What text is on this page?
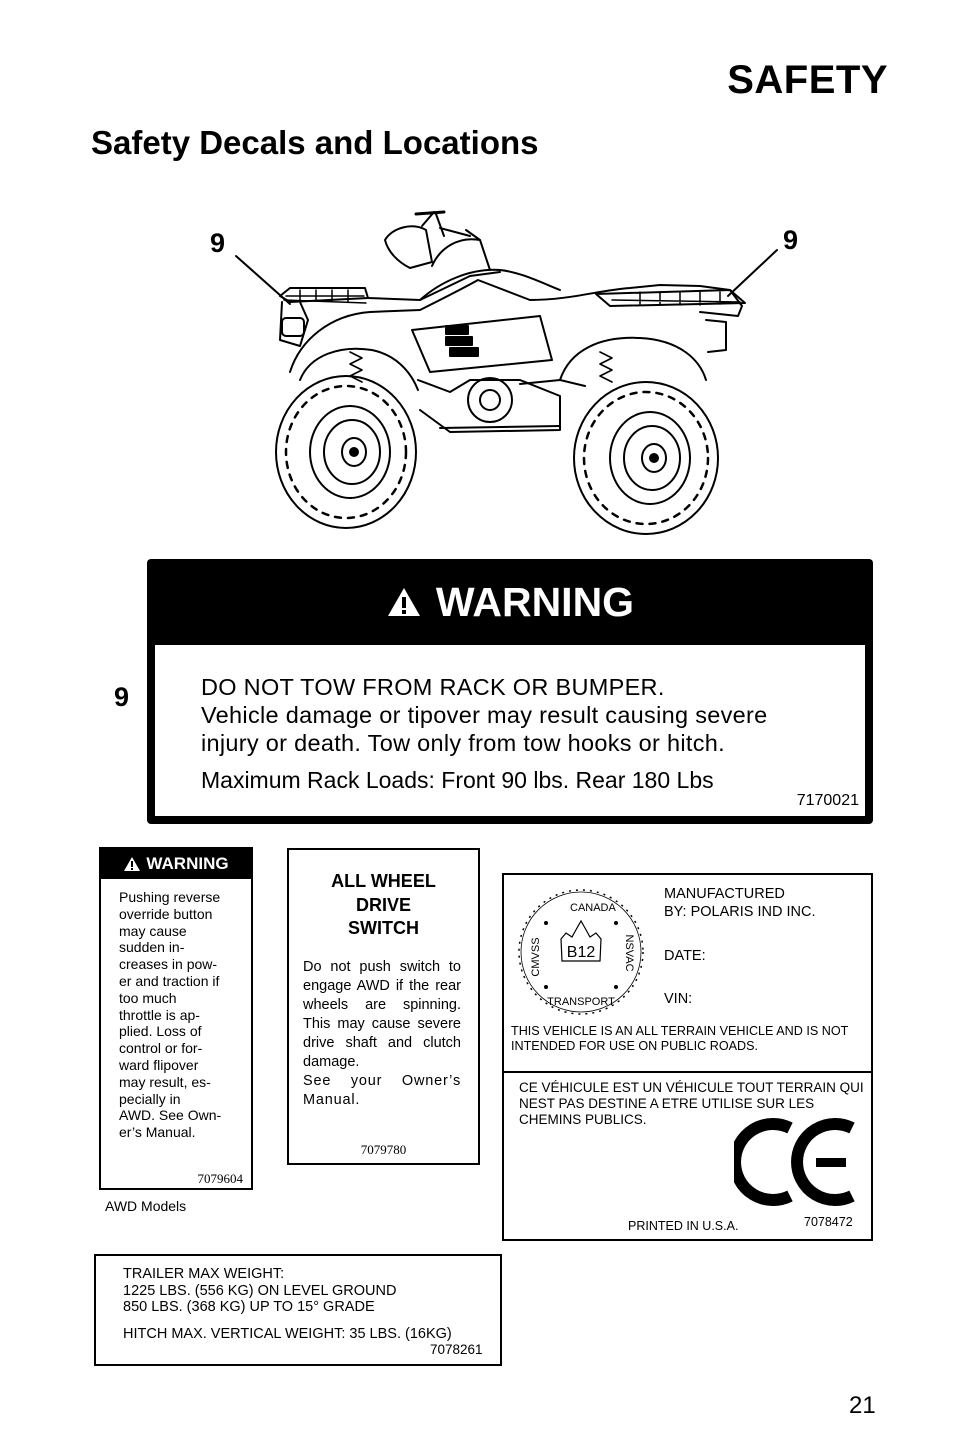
SAFETY
Safety Decals and Locations
9	9
9
WARNING
DO NOT TOW FROM RACK OR BUMPER.
Vehicle damage or tipover may result causing severe
injury or death. Tow only from tow hooks or hitch.
Maximum Rack Loads: Front 90 lbs. Rear 180 Lbs
7170021
WARNING
Pushing reverse
override button
may cause
sudden in-
creases in pow-
er and traction if
too much
throttle is ap-
plied. Loss of
control or for-
ward flipover
may result, es-
pecially in
AWD. See Own-
er’s Manual.
7079604
AWD Models
ALL WHEEL
DRIVE
SWITCH
Do not push switch to engage AWD if the rear wheels are spinning. This may cause severe drive shaft and clutch damage.
See your Owner’s Manual.
7079780
CANADA
CMVSS	NSVAC
TRANSPORT
B12
MANUFACTURED
BY: POLARIS IND INC.
DATE:
VIN:
THIS VEHICLE IS AN ALL TERRAIN VEHICLE AND IS NOT INTENDED FOR USE ON PUBLIC ROADS.
CE VÉHICULE EST UN VÉHICULE TOUT TERRAIN QUI NEST PAS DESTINE A ETRE UTILISE SUR LES CHEMINS PUBLICS.
PRINTED IN U.S.A.	7078472
TRAILER MAX WEIGHT:
1225 LBS. (556 KG) ON LEVEL GROUND
850 LBS. (368 KG) UP TO 15° GRADE
HITCH MAX. VERTICAL WEIGHT: 35 LBS. (16KG)
7078261
21
